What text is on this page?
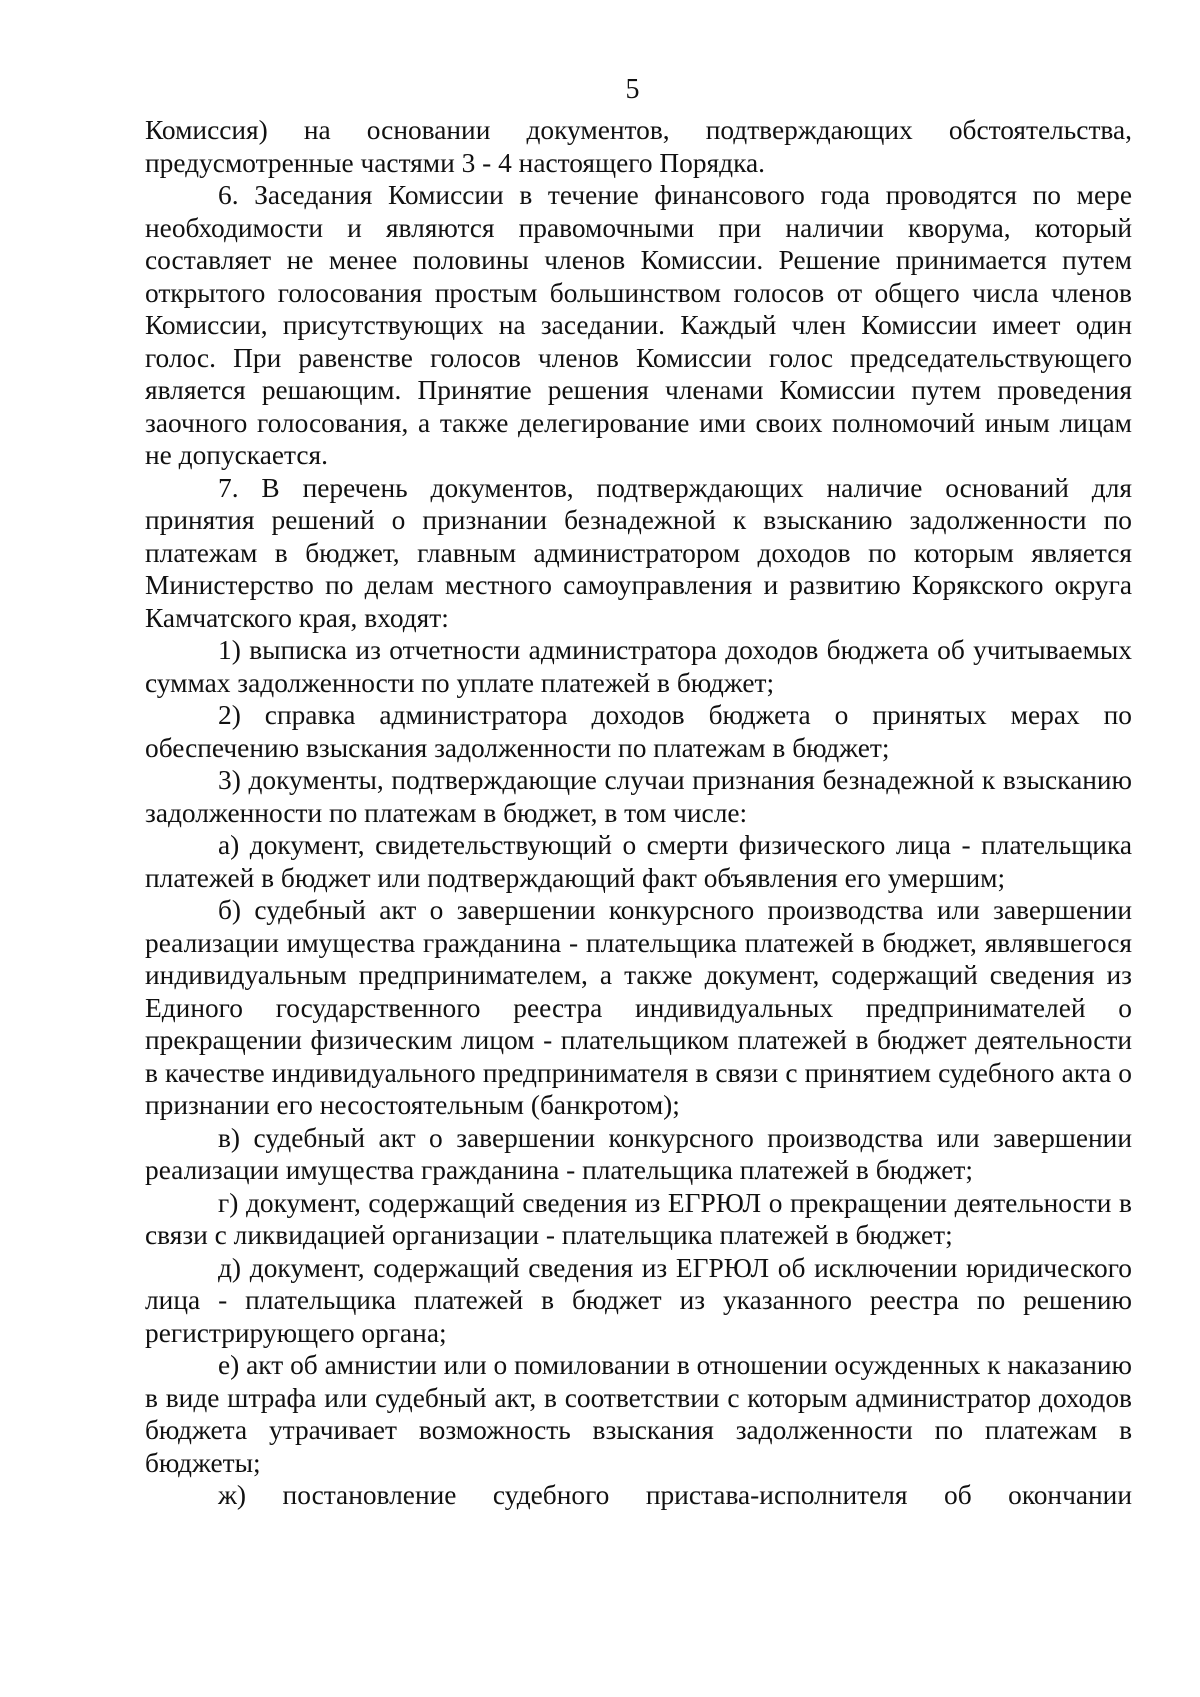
5

Комиссия) на основании документов, подтверждающих обстоятельства, предусмотренные частями 3 - 4 настоящего Порядка.

6. Заседания Комиссии в течение финансового года проводятся по мере необходимости и являются правомочными при наличии кворума, который составляет не менее половины членов Комиссии. Решение принимается путем открытого голосования простым большинством голосов от общего числа членов Комиссии, присутствующих на заседании. Каждый член Комиссии имеет один голос. При равенстве голосов членов Комиссии голос председательствующего является решающим. Принятие решения членами Комиссии путем проведения заочного голосования, а также делегирование ими своих полномочий иным лицам не допускается.

7. В перечень документов, подтверждающих наличие оснований для принятия решений о признании безнадежной к взысканию задолженности по платежам в бюджет, главным администратором доходов по которым является Министерство по делам местного самоуправления и развитию Корякского округа Камчатского края, входят:

1) выписка из отчетности администратора доходов бюджета об учитываемых суммах задолженности по уплате платежей в бюджет;

2) справка администратора доходов бюджета о принятых мерах по обеспечению взыскания задолженности по платежам в бюджет;

3) документы, подтверждающие случаи признания безнадежной к взысканию задолженности по платежам в бюджет, в том числе:

а) документ, свидетельствующий о смерти физического лица - плательщика платежей в бюджет или подтверждающий факт объявления его умершим;

б) судебный акт о завершении конкурсного производства или завершении реализации имущества гражданина - плательщика платежей в бюджет, являвшегося индивидуальным предпринимателем, а также документ, содержащий сведения из Единого государственного реестра индивидуальных предпринимателей о прекращении физическим лицом - плательщиком платежей в бюджет деятельности в качестве индивидуального предпринимателя в связи с принятием судебного акта о признании его несостоятельным (банкротом);

в) судебный акт о завершении конкурсного производства или завершении реализации имущества гражданина - плательщика платежей в бюджет;

г) документ, содержащий сведения из ЕГРЮЛ о прекращении деятельности в связи с ликвидацией организации - плательщика платежей в бюджет;

д) документ, содержащий сведения из ЕГРЮЛ об исключении юридического лица - плательщика платежей в бюджет из указанного реестра по решению регистрирующего органа;

е) акт об амнистии или о помиловании в отношении осужденных к наказанию в виде штрафа или судебный акт, в соответствии с которым администратор доходов бюджета утрачивает возможность взыскания задолженности по платежам в бюджеты;

ж) постановление судебного пристава-исполнителя об окончании
